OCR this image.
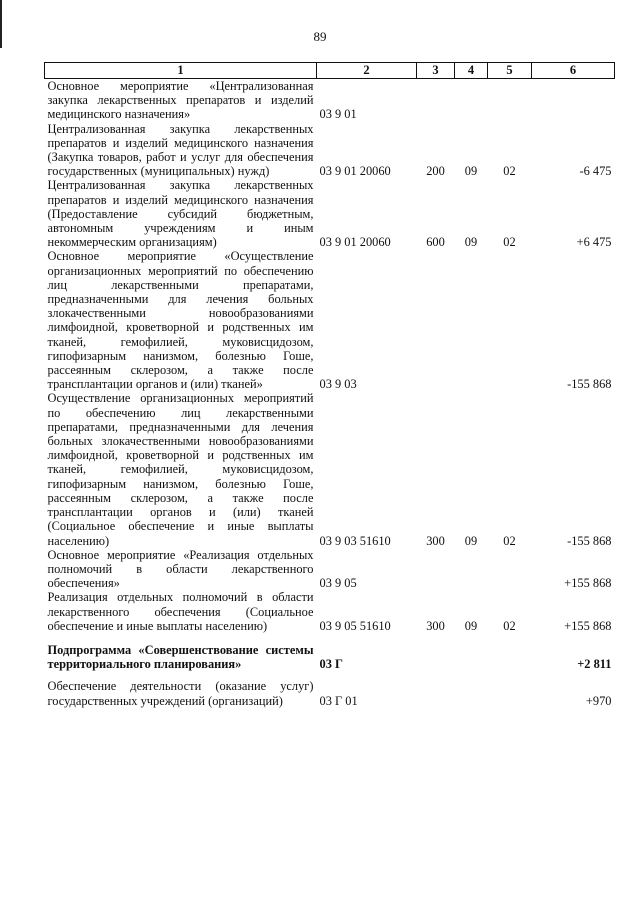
89
1	2	3	4	5	6
Основное мероприятие «Централизованная закупка лекарственных препаратов и изделий медицинского назначения»	03 9 01				
Централизованная закупка лекарственных препаратов и изделий медицинского назначения (Закупка товаров, работ и услуг для обеспечения государственных (муниципальных) нужд)	03 9 01 20060	200	09	02	-6 475
Централизованная закупка лекарственных препаратов и изделий медицинского назначения (Предоставление субсидий бюджетным, автономным учреждениям и иным некоммерческим организациям)	03 9 01 20060	600	09	02	+6 475
Основное мероприятие «Осуществление организационных мероприятий по обеспечению лиц лекарственными препаратами, предназначенными для лечения больных злокачественными новообразованиями лимфоидной, кроветворной и родственных им тканей, гемофилией, муковисцидозом, гипофизарным нанизмом, болезнью Гоше, рассеянным склерозом, а также после трансплантации органов и (или) тканей»	03 9 03				-155 868
Осуществление организационных мероприятий по обеспечению лиц лекарственными препаратами, предназначенными для лечения больных злокачественными новообразованиями лимфоидной, кроветворной и родственных им тканей, гемофилией, муковисцидозом, гипофизарным нанизмом, болезнью Гоше, рассеянным склерозом, а также после трансплантации органов и (или) тканей (Социальное обеспечение и иные выплаты населению)	03 9 03 51610	300	09	02	-155 868
Основное мероприятие «Реализация отдельных полномочий в области лекарственного обеспечения»	03 9 05				+155 868
Реализация отдельных полномочий в области лекарственного обеспечения (Социальное обеспечение и иные выплаты населению)	03 9 05 51610	300	09	02	+155 868
Подпрограмма «Совершенствование системы территориального планирования»	03 Г				+2 811
Обеспечение деятельности (оказание услуг) государственных учреждений (организаций)	03 Г 01				+970
